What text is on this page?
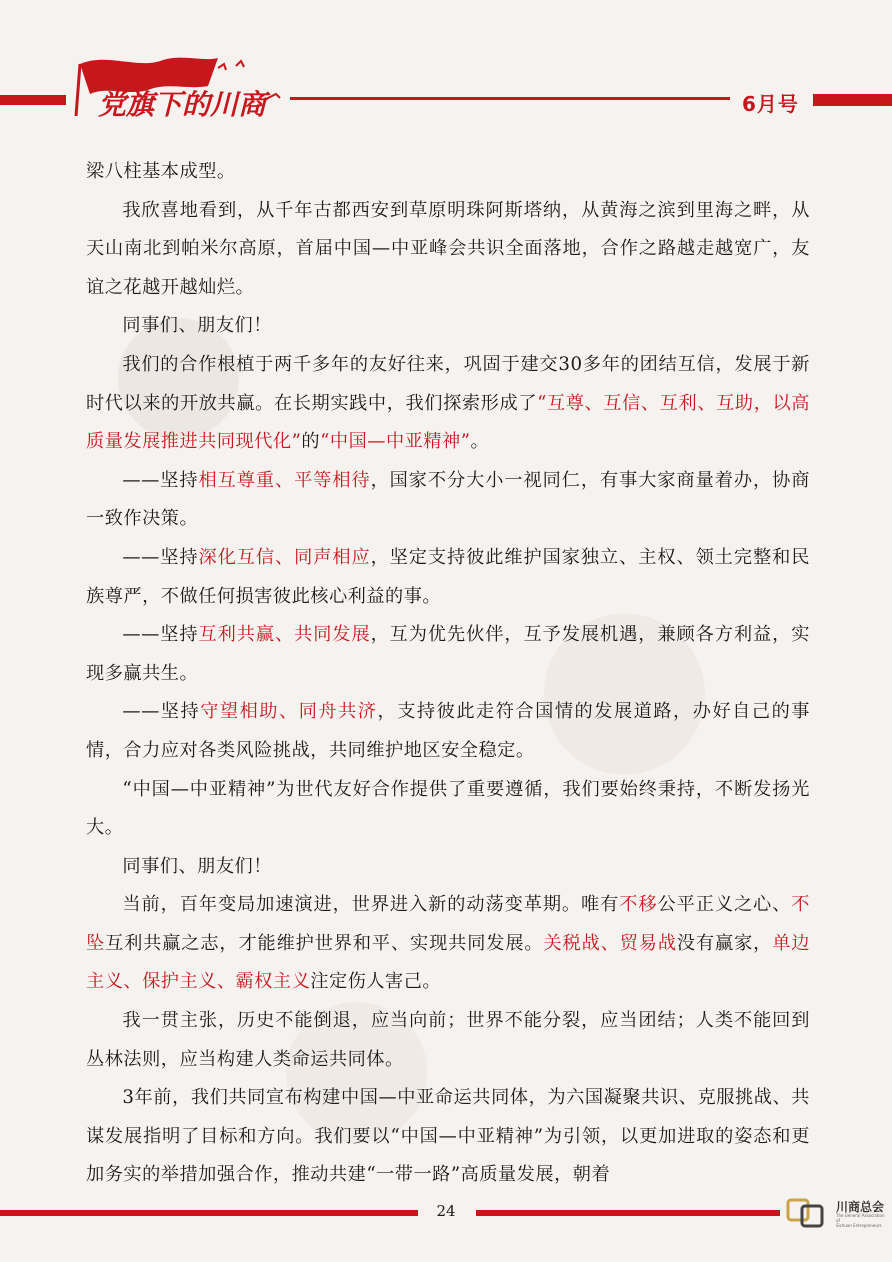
党旗下的川商	6月号

梁八柱基本成型。

我欣喜地看到，从千年古都西安到草原明珠阿斯塔纳，从黄海之滨到里海之畔，从天山南北到帕米尔高原，首届中国—中亚峰会共识全面落地，合作之路越走越宽广，友谊之花越开越灿烂。

同事们、朋友们！

我们的合作根植于两千多年的友好往来，巩固于建交30多年的团结互信，发展于新时代以来的开放共赢。在长期实践中，我们探索形成了“互尊、互信、互利、互助，以高质量发展推进共同现代化”的“中国—中亚精神”。

——坚持相互尊重、平等相待，国家不分大小一视同仁，有事大家商量着办，协商一致作决策。

——坚持深化互信、同声相应，坚定支持彼此维护国家独立、主权、领土完整和民族尊严，不做任何损害彼此核心利益的事。

——坚持互利共赢、共同发展，互为优先伙伴，互予发展机遇，兼顾各方利益，实现多赢共生。

——坚持守望相助、同舟共济，支持彼此走符合国情的发展道路，办好自己的事情，合力应对各类风险挑战，共同维护地区安全稳定。

“中国—中亚精神”为世代友好合作提供了重要遵循，我们要始终秉持，不断发扬光大。

同事们、朋友们！

当前，百年变局加速演进，世界进入新的动荡变革期。唯有不移公平正义之心、不坠互利共赢之志，才能维护世界和平、实现共同发展。关税战、贸易战没有赢家，单边主义、保护主义、霸权主义注定伤人害己。

我一贯主张，历史不能倒退，应当向前；世界不能分裂，应当团结；人类不能回到丛林法则，应当构建人类命运共同体。

3年前，我们共同宣布构建中国—中亚命运共同体，为六国凝聚共识、克服挑战、共谋发展指明了目标和方向。我们要以“中国—中亚精神”为引领，以更加进取的姿态和更加务实的举措加强合作，推动共建“一带一路”高质量发展，朝着

24	川商总会
The General Association of
Sichuan Entrepreneurs
